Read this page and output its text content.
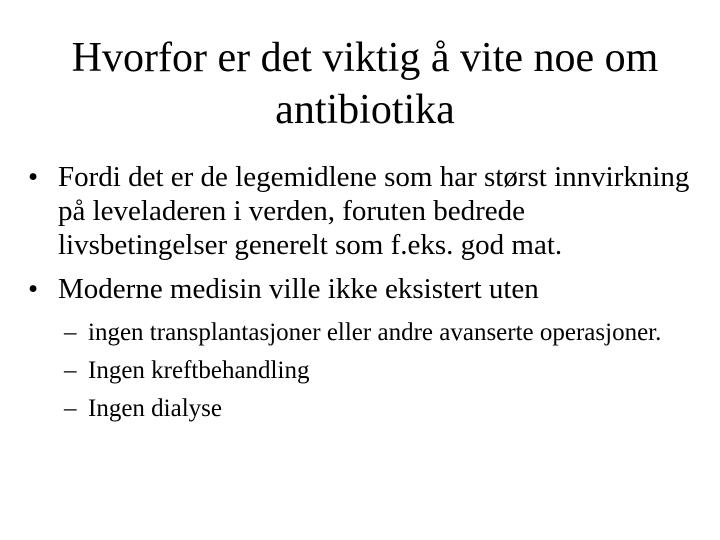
Hvorfor er det viktig å vite noe om
antibiotika
• Fordi det er de legemidlene som har størst innvirkning på leveladeren i verden, foruten bedrede livsbetingelser generelt som f.eks. god mat.
• Moderne medisin ville ikke eksistert uten
– ingen transplantasjoner eller andre avanserte operasjoner.
– Ingen kreftbehandling
– Ingen dialyse
